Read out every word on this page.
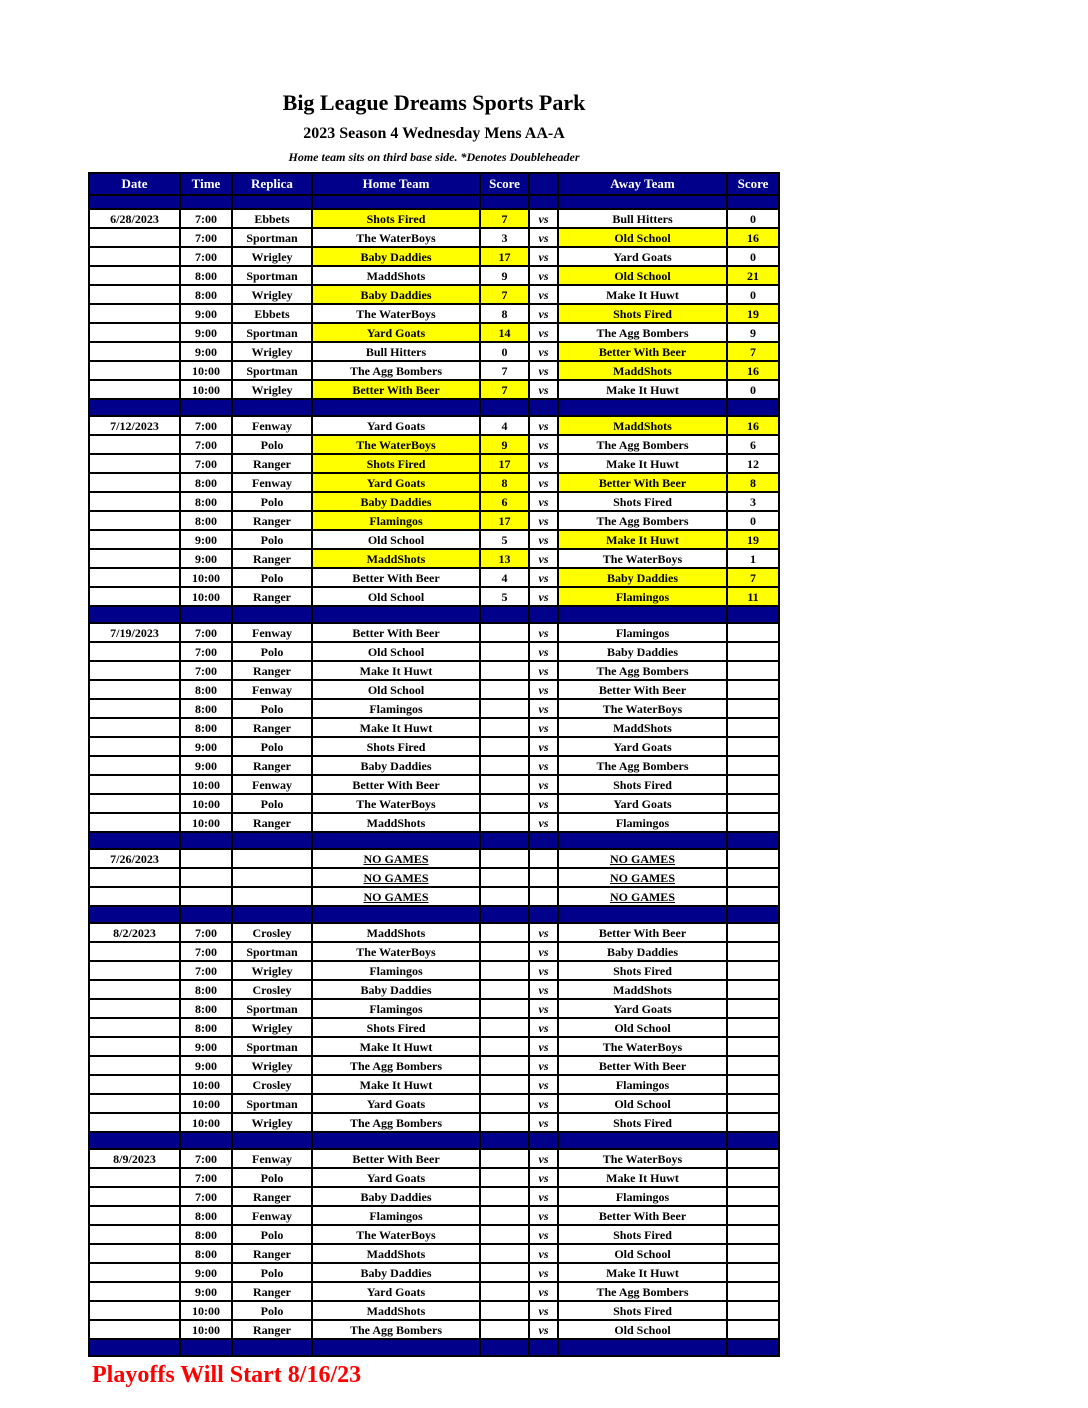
Big League Dreams Sports Park
2023 Season 4 Wednesday Mens AA-A
Home team sits on third base side. *Denotes Doubleheader
Date	Time	Replica	Home Team	Score		Away Team	Score

6/28/2023	7:00	Ebbets	Shots Fired	7	vs	Bull Hitters	0
	7:00	Sportman	The WaterBoys	3	vs	Old School	16
	7:00	Wrigley	Baby Daddies	17	vs	Yard Goats	0
	8:00	Sportman	MaddShots	9	vs	Old School	21
	8:00	Wrigley	Baby Daddies	7	vs	Make It Huwt	0
	9:00	Ebbets	The WaterBoys	8	vs	Shots Fired	19
	9:00	Sportman	Yard Goats	14	vs	The Agg Bombers	9
	9:00	Wrigley	Bull Hitters	0	vs	Better With Beer	7
	10:00	Sportman	The Agg Bombers	7	vs	MaddShots	16
	10:00	Wrigley	Better With Beer	7	vs	Make It Huwt	0

7/12/2023	7:00	Fenway	Yard Goats	4	vs	MaddShots	16
	7:00	Polo	The WaterBoys	9	vs	The Agg Bombers	6
	7:00	Ranger	Shots Fired	17	vs	Make It Huwt	12
	8:00	Fenway	Yard Goats	8	vs	Better With Beer	8
	8:00	Polo	Baby Daddies	6	vs	Shots Fired	3
	8:00	Ranger	Flamingos	17	vs	The Agg Bombers	0
	9:00	Polo	Old School	5	vs	Make It Huwt	19
	9:00	Ranger	MaddShots	13	vs	The WaterBoys	1
	10:00	Polo	Better With Beer	4	vs	Baby Daddies	7
	10:00	Ranger	Old School	5	vs	Flamingos	11

7/19/2023	7:00	Fenway	Better With Beer		vs	Flamingos	
	7:00	Polo	Old School		vs	Baby Daddies	
	7:00	Ranger	Make It Huwt		vs	The Agg Bombers	
	8:00	Fenway	Old School		vs	Better With Beer	
	8:00	Polo	Flamingos		vs	The WaterBoys	
	8:00	Ranger	Make It Huwt		vs	MaddShots	
	9:00	Polo	Shots Fired		vs	Yard Goats	
	9:00	Ranger	Baby Daddies		vs	The Agg Bombers	
	10:00	Fenway	Better With Beer		vs	Shots Fired	
	10:00	Polo	The WaterBoys		vs	Yard Goats	
	10:00	Ranger	MaddShots		vs	Flamingos	

7/26/2023			NO GAMES			NO GAMES	
			NO GAMES			NO GAMES	
			NO GAMES			NO GAMES	

8/2/2023	7:00	Crosley	MaddShots		vs	Better With Beer	
	7:00	Sportman	The WaterBoys		vs	Baby Daddies	
	7:00	Wrigley	Flamingos		vs	Shots Fired	
	8:00	Crosley	Baby Daddies		vs	MaddShots	
	8:00	Sportman	Flamingos		vs	Yard Goats	
	8:00	Wrigley	Shots Fired		vs	Old School	
	9:00	Sportman	Make It Huwt		vs	The WaterBoys	
	9:00	Wrigley	The Agg Bombers		vs	Better With Beer	
	10:00	Crosley	Make It Huwt		vs	Flamingos	
	10:00	Sportman	Yard Goats		vs	Old School	
	10:00	Wrigley	The Agg Bombers		vs	Shots Fired	

8/9/2023	7:00	Fenway	Better With Beer		vs	The WaterBoys	
	7:00	Polo	Yard Goats		vs	Make It Huwt	
	7:00	Ranger	Baby Daddies		vs	Flamingos	
	8:00	Fenway	Flamingos		vs	Better With Beer	
	8:00	Polo	The WaterBoys		vs	Shots Fired	
	8:00	Ranger	MaddShots		vs	Old School	
	9:00	Polo	Baby Daddies		vs	Make It Huwt	
	9:00	Ranger	Yard Goats		vs	The Agg Bombers	
	10:00	Polo	MaddShots		vs	Shots Fired	
	10:00	Ranger	The Agg Bombers		vs	Old School	

Playoffs Will Start 8/16/23
